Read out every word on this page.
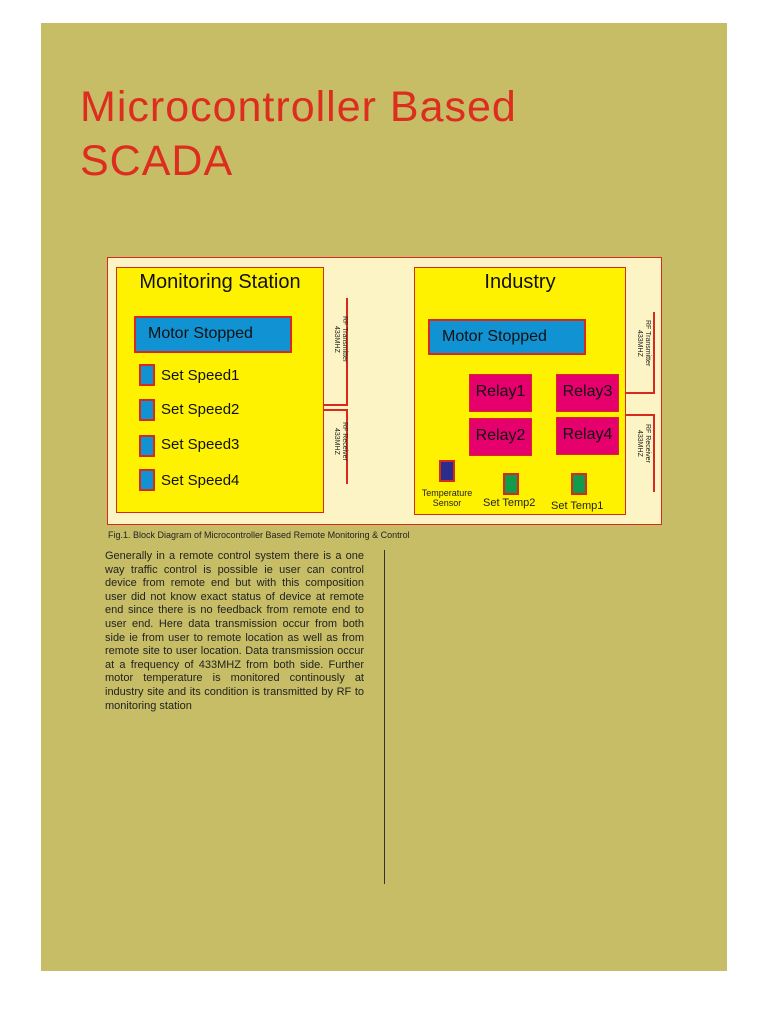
Microcontroller Based
SCADA
Monitoring Station
Motor Stopped
Set Speed1
Set Speed2
Set Speed3
Set Speed4
RF Transmitter
433MHZ
RF Receiver
433MHZ
Industry
Motor Stopped
Relay1
Relay2
Relay3
Relay4
Temperature
Sensor	Set Temp2 Set Temp1
RF Transmitter
433MHZ
RF Receiver
433MHZ
Fig.1. Block Diagram of Microcontroller Based Remote Monitoring & Control

Generally in a remote control system there is a one way traffic control is possible ie user can control device from remote end but with this composition user did not know exact status of device at remote end since there is no feedback from remote end to user end. Here data transmission occur from both side ie from user to remote location as well as from remote site to user location. Data transmission occur at a frequency of 433MHZ from both side. Further motor temperature is monitored continously at industry site and its condition is transmitted by RF to monitoring station
